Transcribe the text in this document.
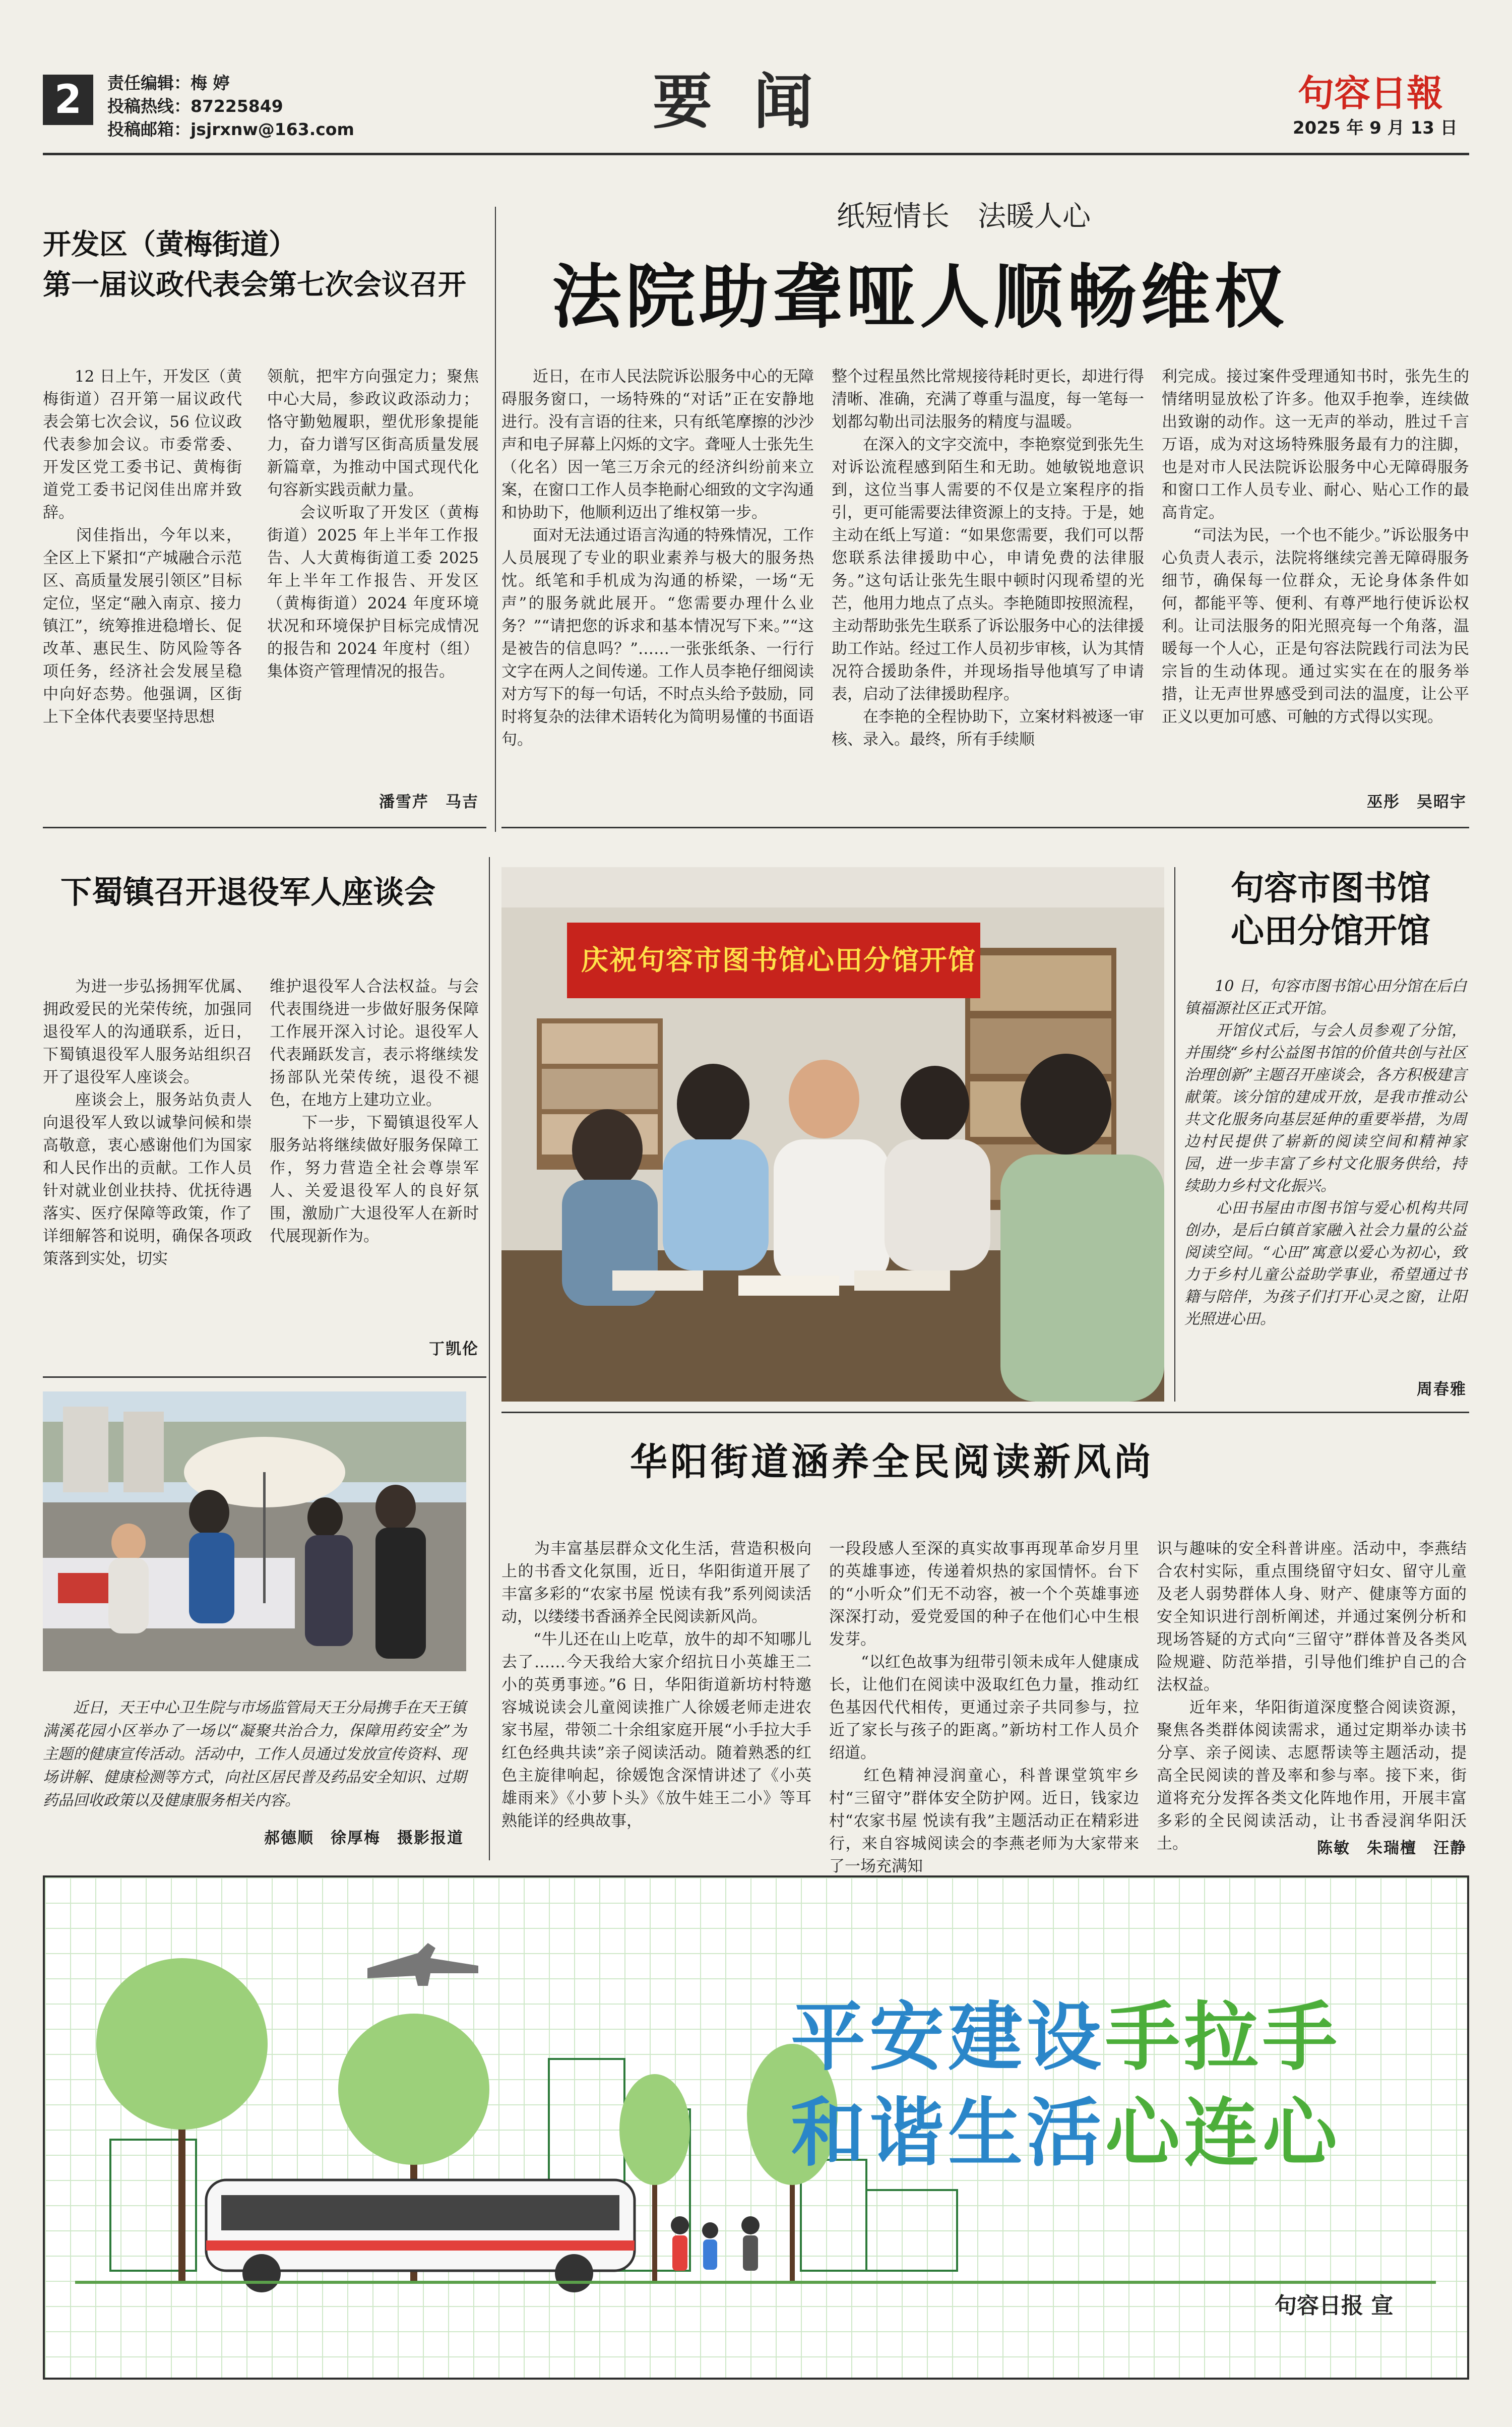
2	责任编辑：梅 婷
投稿热线：87225849
投稿邮箱：jsjrxnw@163.com	要  闻	句容日報
2025 年 9 月 13 日
开发区（黄梅街道）
第一届议政代表会第七次会议召开
　　12 日上午，开发区（黄梅街道）召开第一届议政代表会第七次会议，56 位议政代表参加会议。市委常委、开发区党工委书记、黄梅街道党工委书记闵佳出席并致辞。
　　闵佳指出，今年以来，全区上下紧扣“产城融合示范区、高质量发展引领区”目标定位，坚定“融入南京、接力镇江”，统筹推进稳增长、促改革、惠民生、防风险等各项任务，经济社会发展呈稳中向好态势。他强调，区街上下全体代表要坚持思想
领航，把牢方向强定力；聚焦中心大局，参政议政添动力；恪守勤勉履职，塑优形象提能力，奋力谱写区街高质量发展新篇章，为推动中国式现代化句容新实践贡献力量。
　　会议听取了开发区（黄梅街道）2025 年上半年工作报告、人大黄梅街道工委 2025 年上半年工作报告、开发区（黄梅街道）2024 年度环境状况和环境保护目标完成情况的报告和 2024 年度村（组）集体资产管理情况的报告。
潘雪芹　马吉
纸短情长　法暖人心
法院助聋哑人顺畅维权
　　近日，在市人民法院诉讼服务中心的无障碍服务窗口，一场特殊的“对话”正在安静地进行。没有言语的往来，只有纸笔摩擦的沙沙声和电子屏幕上闪烁的文字。聋哑人士张先生（化名）因一笔三万余元的经济纠纷前来立案，在窗口工作人员李艳耐心细致的文字沟通和协助下，他顺利迈出了维权第一步。
　　面对无法通过语言沟通的特殊情况，工作人员展现了专业的职业素养与极大的服务热忱。纸笔和手机成为沟通的桥梁，一场“无声”的服务就此展开。“您需要办理什么业务？”“请把您的诉求和基本情况写下来。”“这是被告的信息吗？”……一张张纸条、一行行文字在两人之间传递。工作人员李艳仔细阅读对方写下的每一句话，不时点头给予鼓励，同时将复杂的法律术语转化为简明易懂的书面语句。
整个过程虽然比常规接待耗时更长，却进行得清晰、准确，充满了尊重与温度，每一笔每一划都勾勒出司法服务的精度与温暖。
　　在深入的文字交流中，李艳察觉到张先生对诉讼流程感到陌生和无助。她敏锐地意识到，这位当事人需要的不仅是立案程序的指引，更可能需要法律资源上的支持。于是，她主动在纸上写道：“如果您需要，我们可以帮您联系法律援助中心，申请免费的法律服务。”这句话让张先生眼中顿时闪现希望的光芒，他用力地点了点头。李艳随即按照流程，主动帮助张先生联系了诉讼服务中心的法律援助工作站。经过工作人员初步审核，认为其情况符合援助条件，并现场指导他填写了申请表，启动了法律援助程序。
　　在李艳的全程协助下，立案材料被逐一审核、录入。最终，所有手续顺
利完成。接过案件受理通知书时，张先生的情绪明显放松了许多。他双手抱拳，连续做出致谢的动作。这一无声的举动，胜过千言万语，成为对这场特殊服务最有力的注脚，也是对市人民法院诉讼服务中心无障碍服务和窗口工作人员专业、耐心、贴心工作的最高肯定。
　　“司法为民，一个也不能少。”诉讼服务中心负责人表示，法院将继续完善无障碍服务细节，确保每一位群众，无论身体条件如何，都能平等、便利、有尊严地行使诉讼权利。让司法服务的阳光照亮每一个角落，温暖每一个人心，正是句容法院践行司法为民宗旨的生动体现。通过实实在在的服务举措，让无声世界感受到司法的温度，让公平正义以更加可感、可触的方式得以实现。
巫彤　吴昭宇
下蜀镇召开退役军人座谈会
　　为进一步弘扬拥军优属、拥政爱民的光荣传统，加强同退役军人的沟通联系，近日，下蜀镇退役军人服务站组织召开了退役军人座谈会。
　　座谈会上，服务站负责人向退役军人致以诚挚问候和崇高敬意，衷心感谢他们为国家和人民作出的贡献。工作人员针对就业创业扶持、优抚待遇落实、医疗保障等政策，作了详细解答和说明，确保各项政策落到实处，切实
维护退役军人合法权益。与会代表围绕进一步做好服务保障工作展开深入讨论。退役军人代表踊跃发言，表示将继续发扬部队光荣传统，退役不褪色，在地方上建功立业。
　　下一步，下蜀镇退役军人服务站将继续做好服务保障工作，努力营造全社会尊崇军人、关爱退役军人的良好氛围，激励广大退役军人在新时代展现新作为。
丁凯伦
庆祝句容市图书馆心田分馆开馆
句容市图书馆
心田分馆开馆
　　10 日，句容市图书馆心田分馆在后白镇福源社区正式开馆。
　　开馆仪式后，与会人员参观了分馆，并围绕“乡村公益图书馆的价值共创与社区治理创新”主题召开座谈会，各方积极建言献策。该分馆的建成开放，是我市推动公共文化服务向基层延伸的重要举措，为周边村民提供了崭新的阅读空间和精神家园，进一步丰富了乡村文化服务供给，持续助力乡村文化振兴。
　　心田书屋由市图书馆与爱心机构共同创办，是后白镇首家融入社会力量的公益阅读空间。“心田”寓意以爱心为初心，致力于乡村儿童公益助学事业，希望通过书籍与陪伴，为孩子们打开心灵之窗，让阳光照进心田。
周春雅
　　近日，天王中心卫生院与市场监管局天王分局携手在天王镇满溪花园小区举办了一场以“凝聚共治合力，保障用药安全”为主题的健康宣传活动。活动中，工作人员通过发放宣传资料、现场讲解、健康检测等方式，向社区居民普及药品安全知识、过期药品回收政策以及健康服务相关内容。
郝德顺　徐厚梅　摄影报道
华阳街道涵养全民阅读新风尚
　　为丰富基层群众文化生活，营造积极向上的书香文化氛围，近日，华阳街道开展了丰富多彩的“农家书屋 悦读有我”系列阅读活动，以缕缕书香涵养全民阅读新风尚。
　　“牛儿还在山上吃草，放牛的却不知哪儿去了……今天我给大家介绍抗日小英雄王二小的英勇事迹。”6 日，华阳街道新坊村特邀容城说读会儿童阅读推广人徐媛老师走进农家书屋，带领二十余组家庭开展“小手拉大手 红色经典共读”亲子阅读活动。随着熟悉的红色主旋律响起，徐媛饱含深情讲述了《小英雄雨来》《小萝卜头》《放牛娃王二小》等耳熟能详的经典故事，
一段段感人至深的真实故事再现革命岁月里的英雄事迹，传递着炽热的家国情怀。台下的“小听众”们无不动容，被一个个英雄事迹深深打动，爱党爱国的种子在他们心中生根发芽。
　　“以红色故事为纽带引领未成年人健康成长，让他们在阅读中汲取红色力量，推动红色基因代代相传，更通过亲子共同参与，拉近了家长与孩子的距离。”新坊村工作人员介绍道。
　　红色精神浸润童心，科普课堂筑牢乡村“三留守”群体安全防护网。近日，钱家边村“农家书屋 悦读有我”主题活动正在精彩进行，来自容城阅读会的李燕老师为大家带来了一场充满知
识与趣味的安全科普讲座。活动中，李燕结合农村实际，重点围绕留守妇女、留守儿童及老人弱势群体人身、财产、健康等方面的安全知识进行剖析阐述，并通过案例分析和现场答疑的方式向“三留守”群体普及各类风险规避、防范举措，引导他们维护自己的合法权益。
　　近年来，华阳街道深度整合阅读资源，聚焦各类群体阅读需求，通过定期举办读书分享、亲子阅读、志愿帮读等主题活动，提高全民阅读的普及率和参与率。接下来，街道将充分发挥各类文化阵地作用，开展丰富多彩的全民阅读活动，让书香浸润华阳沃土。	陈敏　朱瑞檀　汪静
平安建设手拉手
和谐生活心连心
句容日报 宣
